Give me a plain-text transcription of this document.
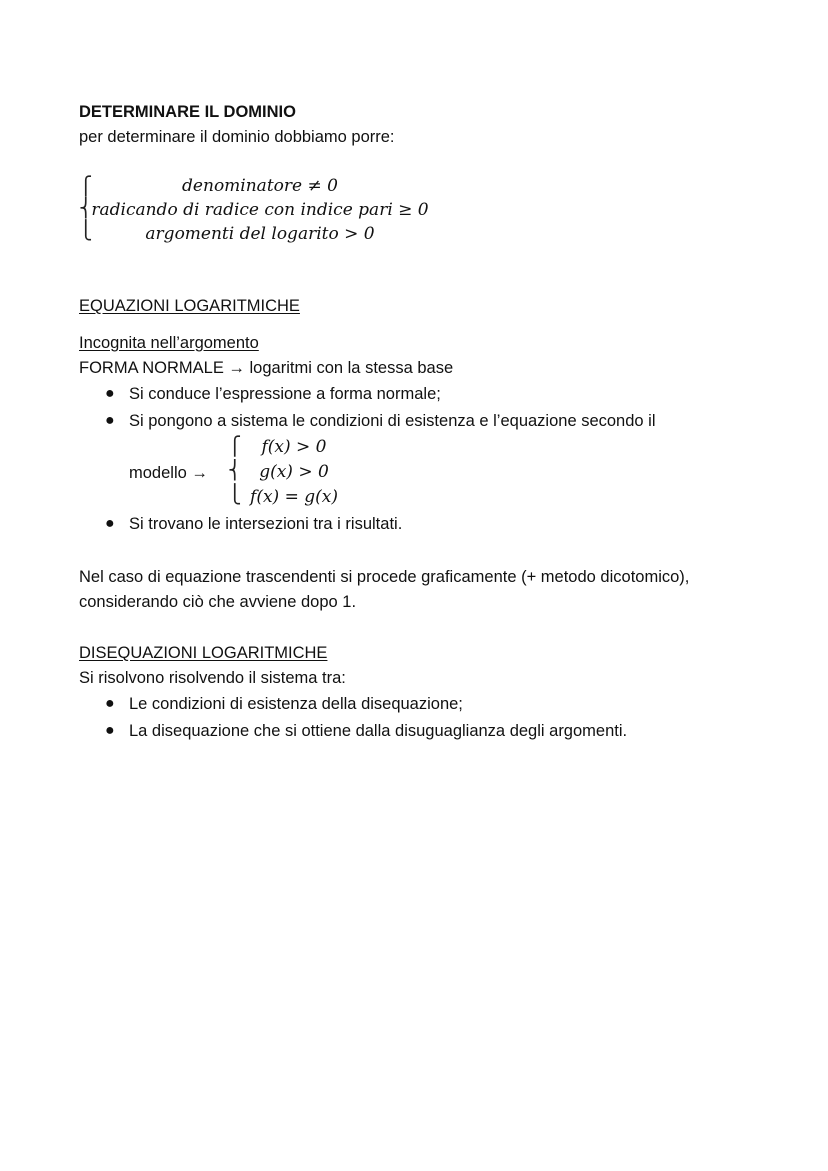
DETERMINARE IL DOMINIO
per determinare il dominio dobbiamo porre:
⎧
⎨
⎩
denominatore ≠ 0
radicando di radice con indice pari ≥ 0
argomenti del logarito > 0
EQUAZIONI LOGARITMICHE
Incognita nell’argomento
FORMA NORMALE → logaritmi con la stessa base
● Si conduce l’espressione a forma normale;
● Si pongono a sistema le condizioni di esistenza e l’equazione secondo il
modello →
⎧
⎨
⎩
f(x) > 0
g(x) > 0
f(x) = g(x)
● Si trovano le intersezioni tra i risultati.
Nel caso di equazione trascendenti si procede graficamente (+ metodo dicotomico),
considerando ciò che avviene dopo 1.
DISEQUAZIONI LOGARITMICHE
Si risolvono risolvendo il sistema tra:
● Le condizioni di esistenza della disequazione;
● La disequazione che si ottiene dalla disuguaglianza degli argomenti.
